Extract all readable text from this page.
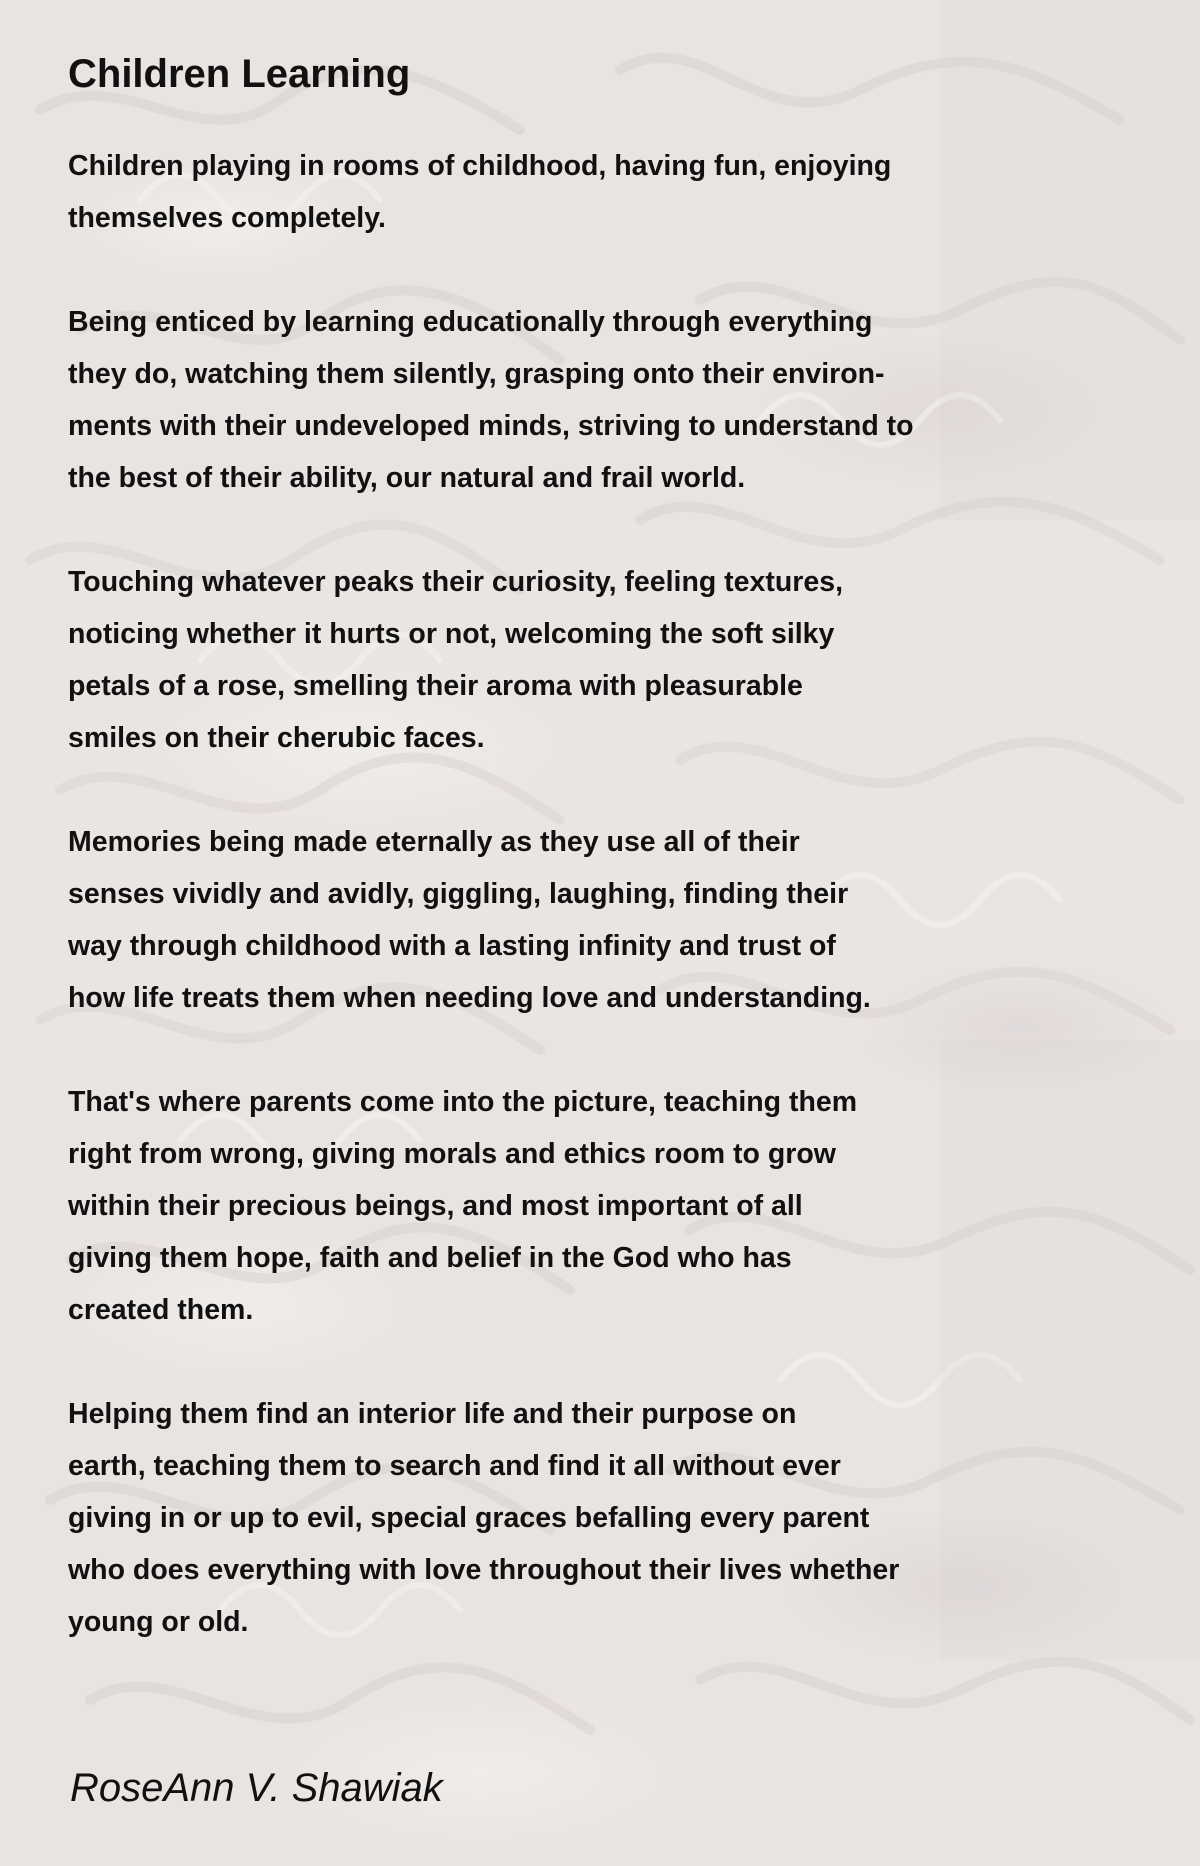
Children Learning
Children playing in rooms of childhood, having fun, enjoying
themselves completely.
Being enticed by learning educationally through everything
they do, watching them silently, grasping onto their environ-
ments with their undeveloped minds, striving to understand to
the best of their ability, our natural and frail world.
Touching whatever peaks their curiosity, feeling textures,
noticing whether it hurts or not, welcoming the soft silky
petals of a rose, smelling their aroma with pleasurable
smiles on their cherubic faces.
Memories being made eternally as they use all of their
senses vividly and avidly, giggling, laughing, finding their
way through childhood with a lasting infinity and trust of
how life treats them when needing love and understanding.
That's where parents come into the picture, teaching them
right from wrong, giving morals and ethics room to grow
within their precious beings, and most important of all
giving them hope, faith and belief in the God who has
created them.
Helping them find an interior life and their purpose on
earth, teaching them to search and find it all without ever
giving in or up to evil, special graces befalling every parent
who does everything with love throughout their lives whether
young or old.
RoseAnn V. Shawiak
